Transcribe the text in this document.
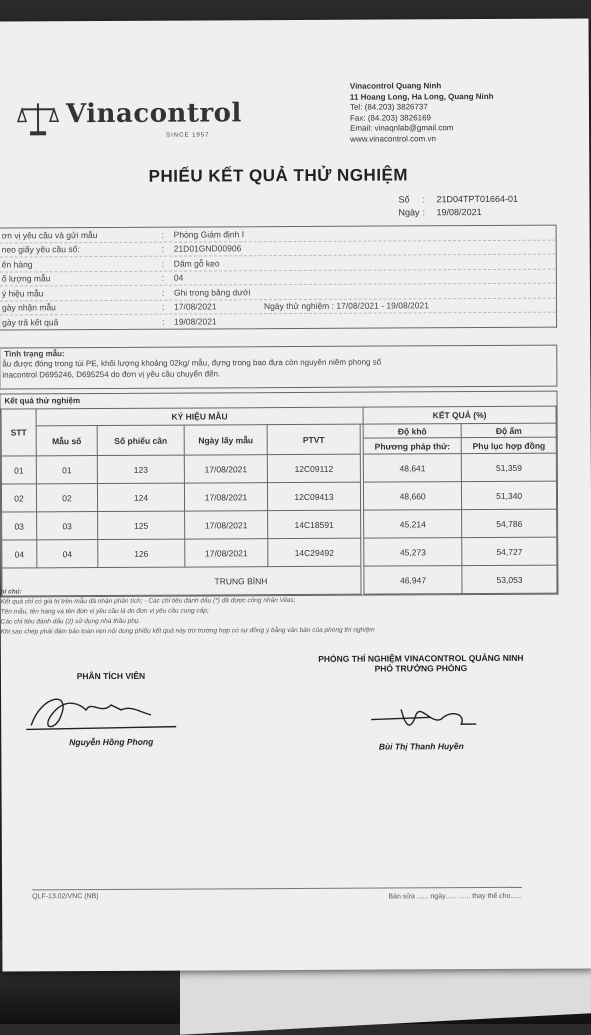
Vinacontrol
SINCE 1957
Vinacontrol Quang Ninh
11 Hoang Long, Ha Long, Quang Ninh
Tel: (84.203) 3826737
Fax: (84.203) 3826169
Email: vinaqnlab@gmail.com
www.vinacontrol.com.vn
PHIẾU KẾT QUẢ THỬ NGHIỆM
Số	:	21D04TPT01664-01
Ngày :	19/08/2021
ơn vị yêu cầu và gửi mẫu	:	Phòng Giám định I
neo giấy yêu cầu số:	:	21D01GND00906
ên hàng	:	Dăm gỗ keo
ố lượng mẫu	:	04
ý hiệu mẫu	:	Ghi trong bảng dưới
gày nhận mẫu	:	17/08/2021	Ngày thử nghiệm : 17/08/2021 - 19/08/2021
gày trả kết quả	:	19/08/2021
Tình trạng mẫu:
ẫu được đóng trong túi PE, khối lượng khoảng 02kg/ mẫu, đựng trong bao đựa còn nguyên niêm phong số
inacontrol D695246, D695254 do đơn vị yêu cầu chuyển đến.
Kết quả thử nghiệm
STT	KÝ HIỆU MẪU					KẾT QUẢ (%)	
	Mẫu số	Số phiếu cân	Ngày lấy mẫu	PTVT		Độ khô	Độ ẩm
						Phương pháp thử:	Phụ lục hợp đồng
01	01	123	17/08/2021	12C09112		48,641	51,359
02	02	124	17/08/2021	12C09413		48,660	51,340
03	03	125	17/08/2021	14C18591		45,214	54,786
04	04	126	17/08/2021	14C29492		45,273	54,727
TRUNG BÌNH						46,947	53,053
hi chú:
Kết quả chỉ có giá trị trên mẫu đã nhận phân tích; - Các chỉ tiêu đánh dấu (*) đã được công nhận Vilas;
Tên mẫu, tên hàng và tên đơn vị yêu cầu là do đơn vị yêu cầu cung cấp;
Các chỉ tiêu đánh dấu (2) sử dụng nhà thầu phụ.
Khi sao chép phải đảm bảo toàn vẹn nội dung phiếu kết quả này trừ trường hợp có sự đồng ý bằng văn bản của phòng thí nghiệm
PHÂN TÍCH VIÊN
Nguyễn Hồng Phong
PHÒNG THÍ NGHIỆM VINACONTROL QUẢNG NINH
PHÓ TRƯỞNG PHÒNG
Bùi Thị Thanh Huyền
QLF-13.02/VNC (NB)	Bản sửa ...... ngày...... ...... thay thế cho......
